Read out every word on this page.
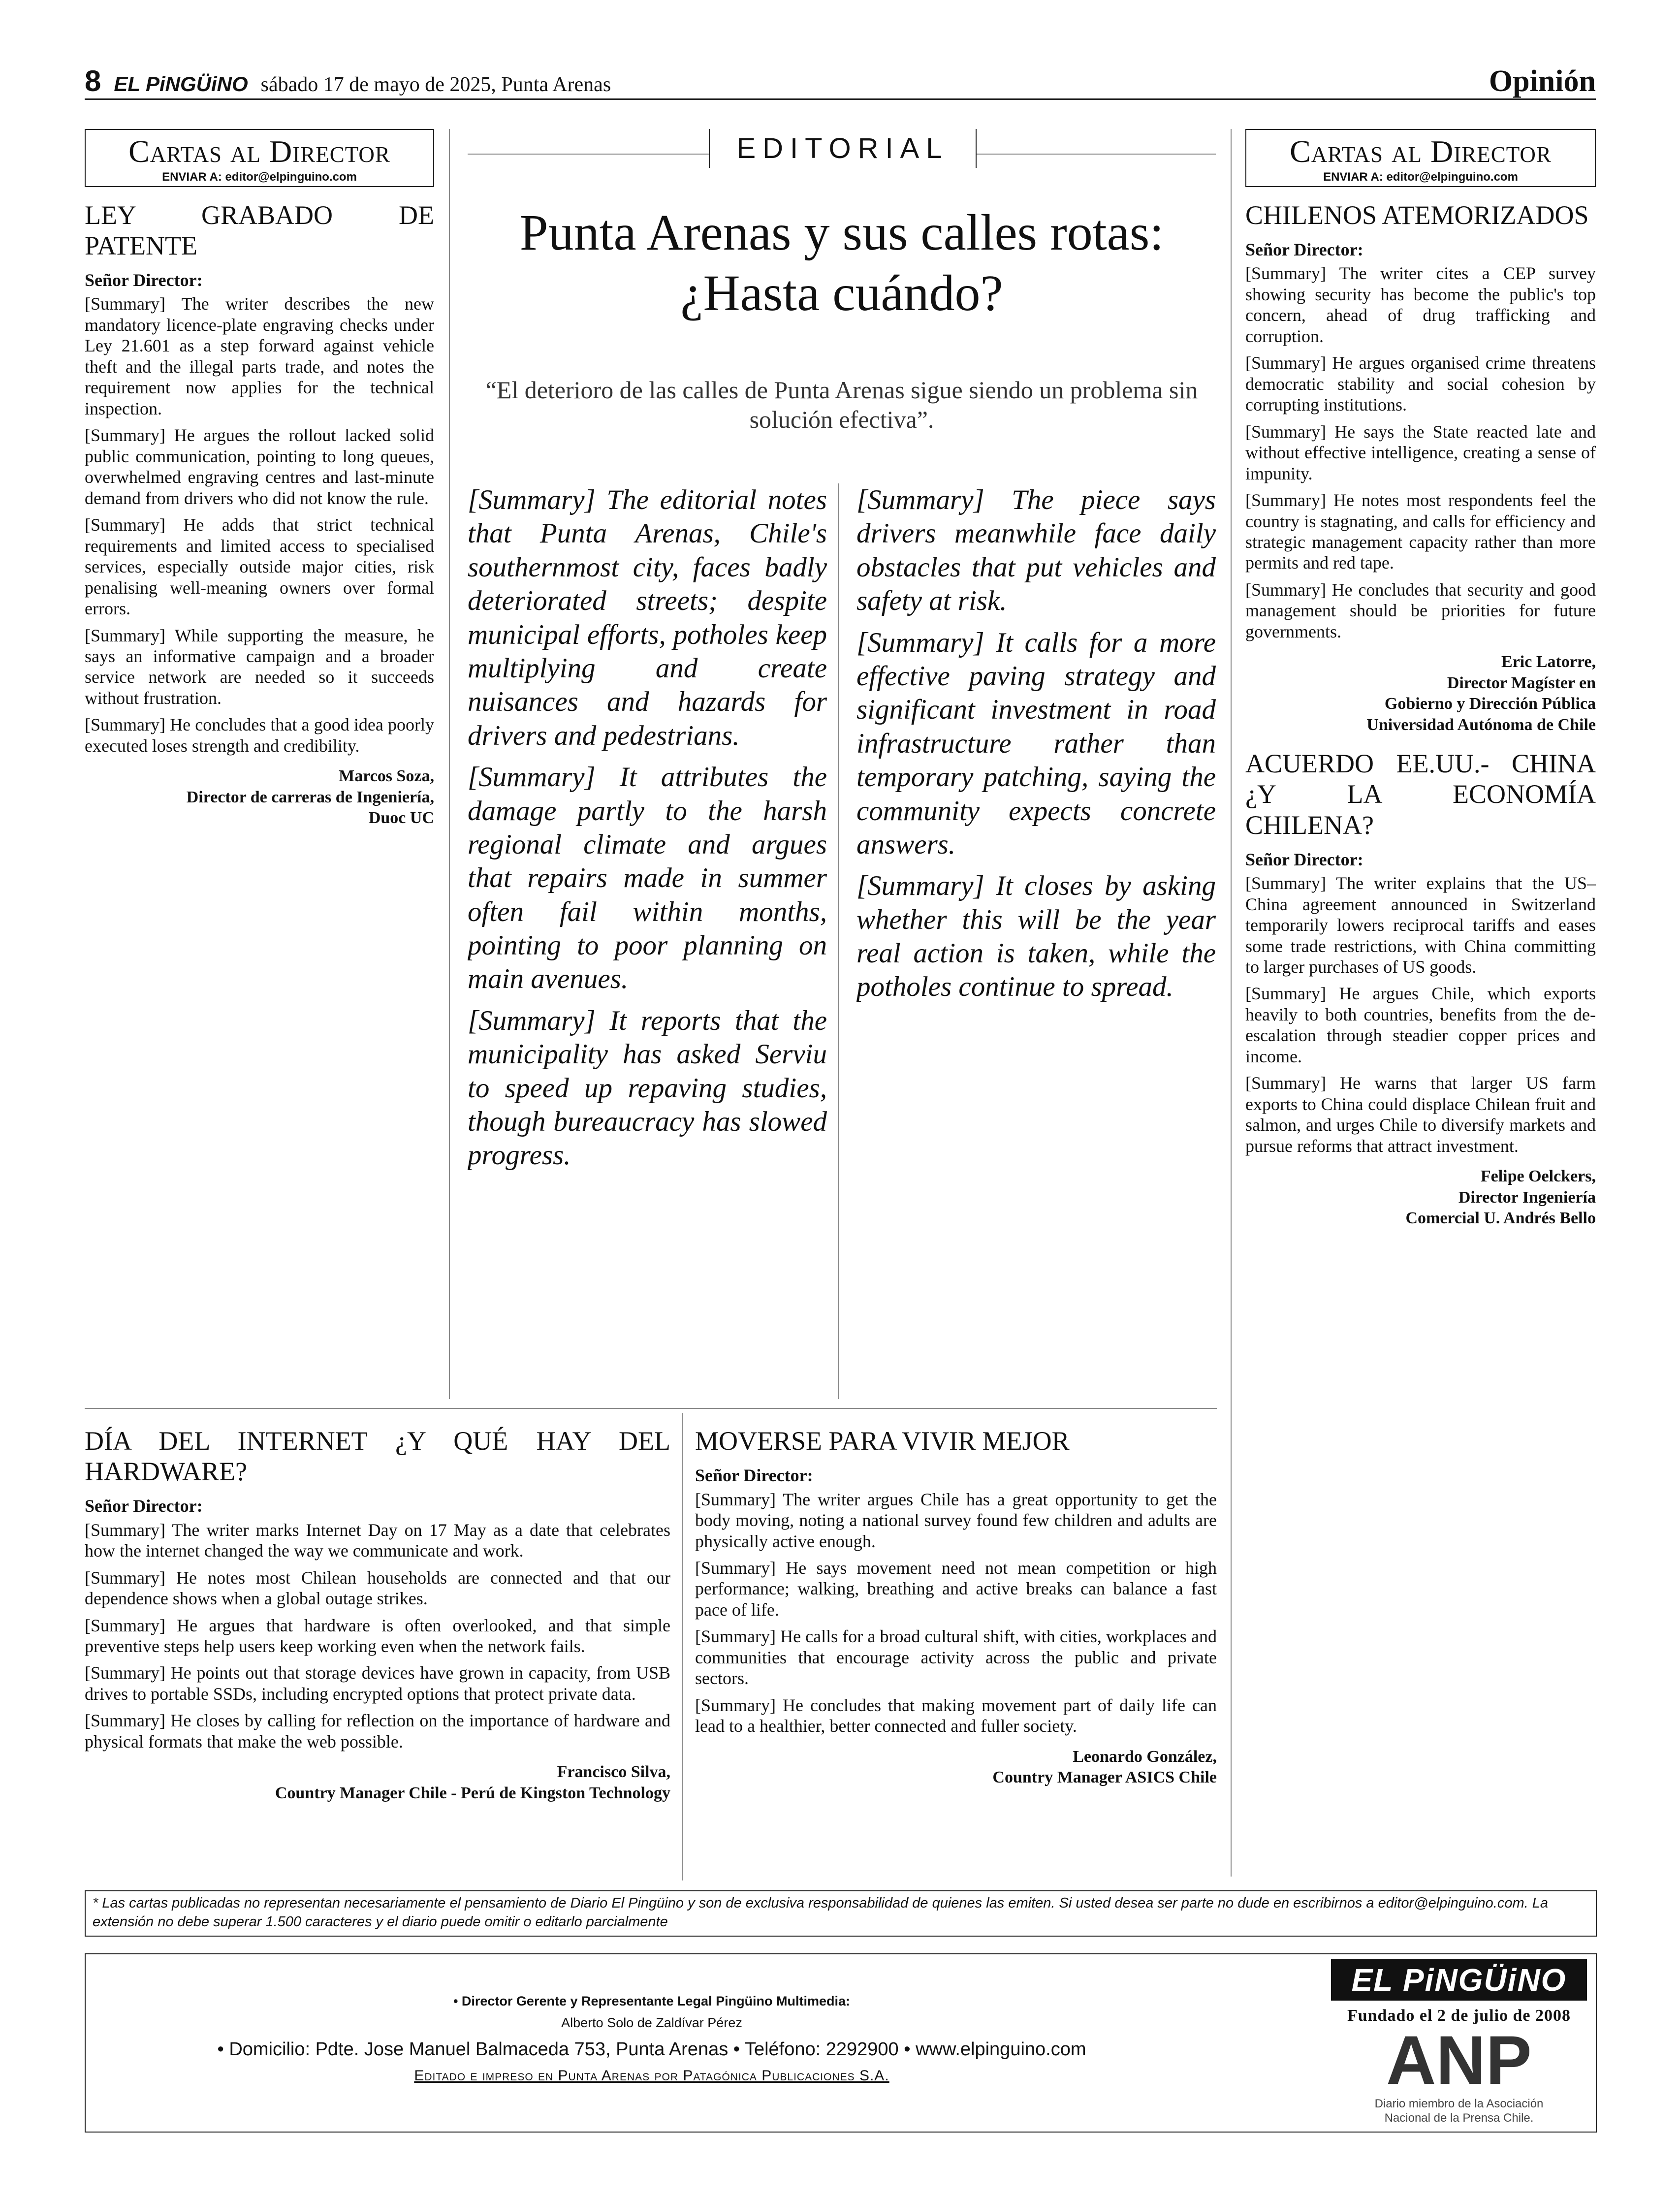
8 EL PiNGÜiNO sábado 17 de mayo de 2025, Punta Arenas	Opinión
Cartas al Director
ENVIAR A: editor@elpinguino.com
LEY GRABADO DE PATENTE
Señor Director:

[Summary] The writer describes the new mandatory licence-plate engraving checks under Ley 21.601 as a step forward against vehicle theft and the illegal parts trade, and notes the requirement now applies for the technical inspection.

[Summary] He argues the rollout lacked solid public communication, pointing to long queues, overwhelmed engraving centres and last-minute demand from drivers who did not know the rule.

[Summary] He adds that strict technical requirements and limited access to specialised services, especially outside major cities, risk penalising well-meaning owners over formal errors.

[Summary] While supporting the measure, he says an informative campaign and a broader service network are needed so it succeeds without frustration.

[Summary] He concludes that a good idea poorly executed loses strength and credibility.

Marcos Soza,
Director de carreras de Ingeniería,
Duoc UC
EDITORIAL
Punta Arenas y sus calles rotas: ¿Hasta cuándo?
“El deterioro de las calles de Punta Arenas sigue siendo un problema sin solución efectiva”.

[Summary] The editorial notes that Punta Arenas, Chile's southernmost city, faces badly deteriorated streets; despite municipal efforts, potholes keep multiplying and create nuisances and hazards for drivers and pedestrians.

[Summary] It attributes the damage partly to the harsh regional climate and argues that repairs made in summer often fail within months, pointing to poor planning on main avenues.

[Summary] It reports that the municipality has asked Serviu to speed up repaving studies, though bureaucracy has slowed progress.

[Summary] The piece says drivers meanwhile face daily obstacles that put vehicles and safety at risk.

[Summary] It calls for a more effective paving strategy and significant investment in road infrastructure rather than temporary patching, saying the community expects concrete answers.

[Summary] It closes by asking whether this will be the year real action is taken, while the potholes continue to spread.

Cartas al Director
ENVIAR A: editor@elpinguino.com
CHILENOS ATEMORIZADOS
Señor Director:

[Summary] The writer cites a CEP survey showing security has become the public's top concern, ahead of drug trafficking and corruption.

[Summary] He argues organised crime threatens democratic stability and social cohesion by corrupting institutions.

[Summary] He says the State reacted late and without effective intelligence, creating a sense of impunity.

[Summary] He notes most respondents feel the country is stagnating, and calls for efficiency and strategic management capacity rather than more permits and red tape.

[Summary] He concludes that security and good management should be priorities for future governments.

Eric Latorre,
Director Magíster en
Gobierno y Dirección Pública
Universidad Autónoma de Chile
ACUERDO EE.UU.- CHINA ¿Y LA ECONOMÍA CHILENA?
Señor Director:

[Summary] The writer explains that the US–China agreement announced in Switzerland temporarily lowers reciprocal tariffs and eases some trade restrictions, with China committing to larger purchases of US goods.

[Summary] He argues Chile, which exports heavily to both countries, benefits from the de-escalation through steadier copper prices and income.

[Summary] He warns that larger US farm exports to China could displace Chilean fruit and salmon, and urges Chile to diversify markets and pursue reforms that attract investment.

Felipe Oelckers,
Director Ingeniería
Comercial U. Andrés Bello
DÍA DEL INTERNET ¿Y QUÉ HAY DEL HARDWARE?
Señor Director:

[Summary] The writer marks Internet Day on 17 May as a date that celebrates how the internet changed the way we communicate and work.

[Summary] He notes most Chilean households are connected and that our dependence shows when a global outage strikes.

[Summary] He argues that hardware is often overlooked, and that simple preventive steps help users keep working even when the network fails.

[Summary] He points out that storage devices have grown in capacity, from USB drives to portable SSDs, including encrypted options that protect private data.

[Summary] He closes by calling for reflection on the importance of hardware and physical formats that make the web possible.

Francisco Silva,
Country Manager Chile - Perú de Kingston Technology
MOVERSE PARA VIVIR MEJOR
Señor Director:

[Summary] The writer argues Chile has a great opportunity to get the body moving, noting a national survey found few children and adults are physically active enough.

[Summary] He says movement need not mean competition or high performance; walking, breathing and active breaks can balance a fast pace of life.

[Summary] He calls for a broad cultural shift, with cities, workplaces and communities that encourage activity across the public and private sectors.

[Summary] He concludes that making movement part of daily life can lead to a healthier, better connected and fuller society.

Leonardo González,
Country Manager ASICS Chile
* Las cartas publicadas no representan necesariamente el pensamiento de Diario El Pingüino y son de exclusiva responsabilidad de quienes las emiten. Si usted desea ser parte no dude en escribirnos a editor@elpinguino.com. La extensión no debe superar 1.500 caracteres y el diario puede omitir o editarlo parcialmente
• Director Gerente y Representante Legal Pingüino Multimedia:
Alberto Solo de Zaldívar Pérez
• Domicilio: Pdte. Jose Manuel Balmaceda 753, Punta Arenas • Teléfono: 2292900 • www.elpinguino.com
Editado e impreso en Punta Arenas por Patagónica Publicaciones S.A.
EL PiNGÜiNO
Fundado el 2 de julio de 2008
ANP
Diario miembro de la Asociación
Nacional de la Prensa Chile.
